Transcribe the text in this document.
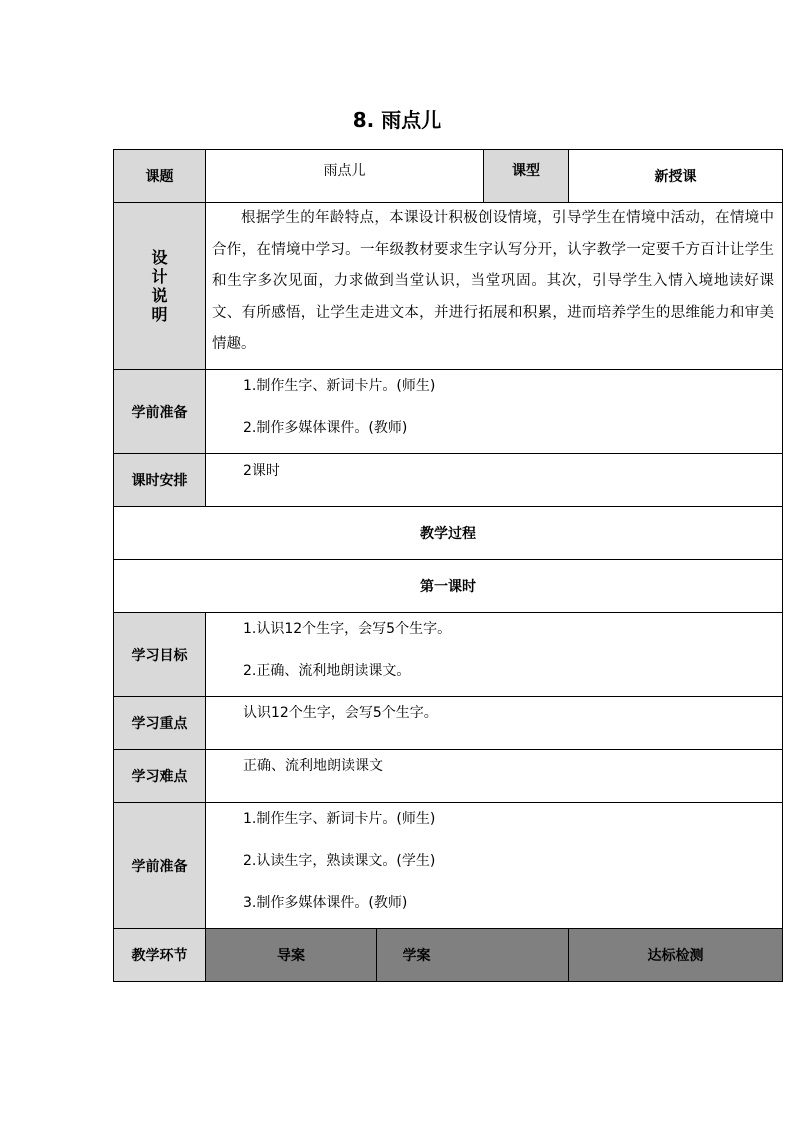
8. 雨点儿
课题	雨点儿		课型	新授课

设计说明	根据学生的年龄特点，本课设计积极创设情境，引导学生在情境中活动，在情境中合作，在情境中学习。一年级教材要求生字认写分开，认字教学一定要千方百计让学生和生字多次见面，力求做到当堂认识，当堂巩固。其次，引导学生入情入境地读好课文、有所感悟，让学生走进文本，并进行拓展和积累，进而培养学生的思维能力和审美情趣。			

学前准备	1.制作生字、新词卡片。(师生)
2.制作多媒体课件。(教师)			

课时安排	2课时			

教学过程				
第一课时				
学习目标	1.认识12个生字，会写5个生字。
2.正确、流利地朗读课文。			

学习重点	认识12个生字，会写5个生字。			

学习难点	正确、流利地朗读课文			

学前准备	1.制作生字、新词卡片。(师生)
2.认读生字，熟读课文。(学生)
3.制作多媒体课件。(教师)			

教学环节	导案	学案		达标检测
